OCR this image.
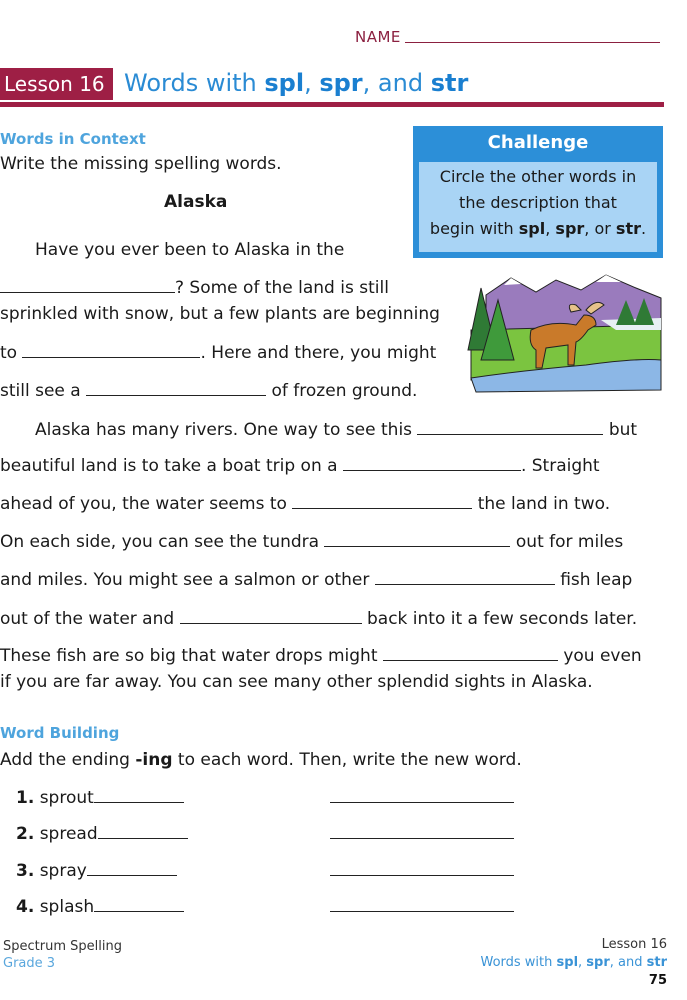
NAME
Lesson 16 Words with spl, spr, and str
Words in Context
Write the missing spelling words.
Alaska
Have you ever been to Alaska in the
? Some of the land is still
sprinkled with snow, but a few plants are beginning
to	. Here and there, you might
still see a	of frozen ground.
Alaska has many rivers. One way to see this	but
beautiful land is to take a boat trip on a	. Straight
ahead of you, the water seems to	the land in two.
On each side, you can see the tundra	out for miles
and miles. You might see a salmon or other	fish leap
out of the water and	back into it a few seconds later.
These fish are so big that water drops might	you even
if you are far away. You can see many other splendid sights in Alaska.
Challenge
Circle the other words in
the description that
begin with spl, spr, or str.
Word Building
Add the ending -ing to each word. Then, write the new word.
1. sprout
2. spread
3. spray
4. splash
Spectrum Spelling
Grade 3
Lesson 16
Words with spl, spr, and str
75
